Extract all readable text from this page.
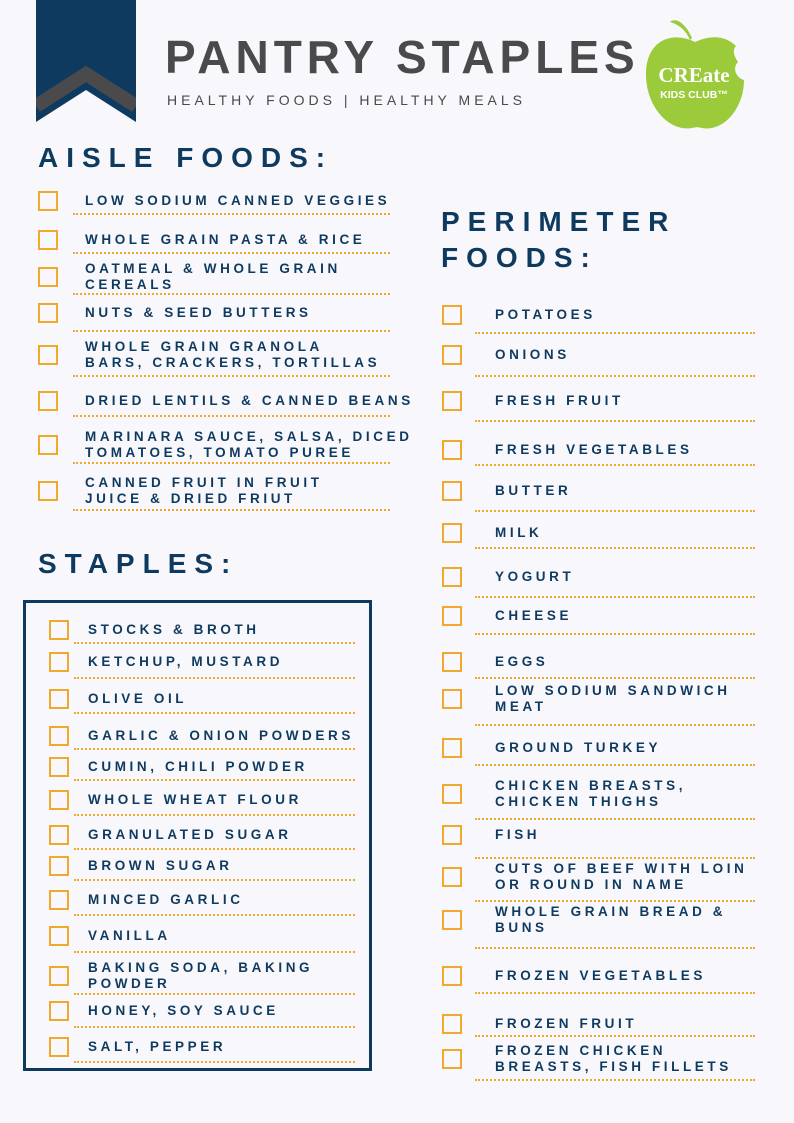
PANTRY STAPLES
HEALTHY FOODS | HEALTHY MEALS
CREate
KIDS CLUB™
AISLE FOODS:
STAPLES:
PERIMETER
FOODS:
LOW SODIUM CANNED VEGGIES
WHOLE GRAIN PASTA & RICE
OATMEAL & WHOLE GRAIN
CEREALS
NUTS & SEED BUTTERS
WHOLE GRAIN GRANOLA
BARS, CRACKERS, TORTILLAS
DRIED LENTILS & CANNED BEANS
MARINARA SAUCE, SALSA, DICED
TOMATOES, TOMATO PUREE
CANNED FRUIT IN FRUIT
JUICE & DRIED FRIUT
STOCKS & BROTH
KETCHUP, MUSTARD
OLIVE OIL
GARLIC & ONION POWDERS
CUMIN, CHILI POWDER
WHOLE WHEAT FLOUR
GRANULATED SUGAR
BROWN SUGAR
MINCED GARLIC
VANILLA
BAKING SODA, BAKING
POWDER
HONEY, SOY SAUCE
SALT, PEPPER
POTATOES
ONIONS
FRESH FRUIT
FRESH VEGETABLES
BUTTER
MILK
YOGURT
CHEESE
EGGS
LOW SODIUM SANDWICH
MEAT
GROUND TURKEY
CHICKEN BREASTS,
CHICKEN THIGHS
FISH
CUTS OF BEEF WITH LOIN
OR ROUND IN NAME
WHOLE GRAIN BREAD &
BUNS
FROZEN VEGETABLES
FROZEN FRUIT
FROZEN CHICKEN
BREASTS, FISH FILLETS
